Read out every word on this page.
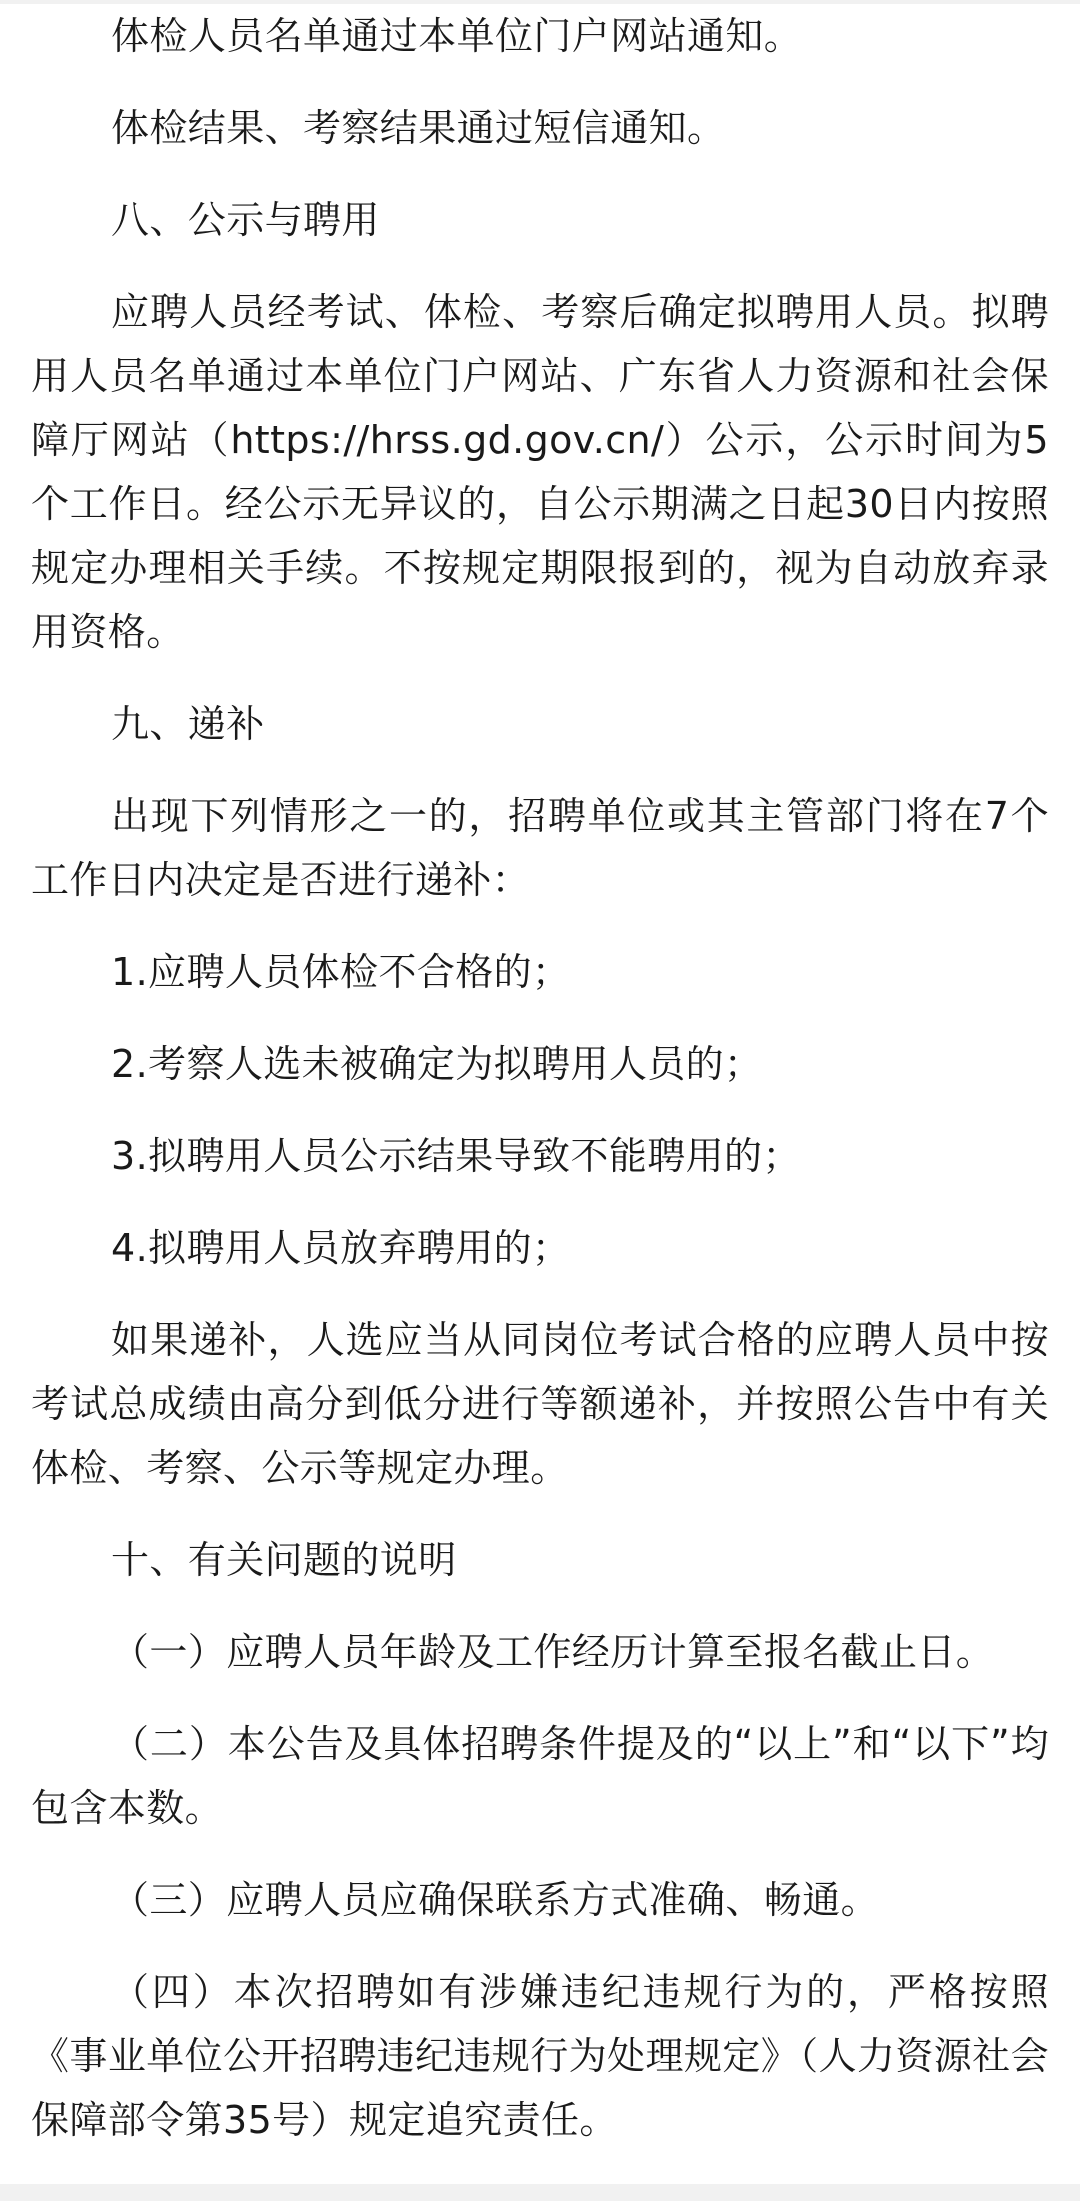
体检人员名单通过本单位门户网站通知。

体检结果、考察结果通过短信通知。

八、公示与聘用

应聘人员经考试、体检、考察后确定拟聘用人员。拟聘用人员名单通过本单位门户网站、广东省人力资源和社会保障厅网站（https://hrss.gd.gov.cn/）公示，公示时间为5个工作日。经公示无异议的，自公示期满之日起30日内按照规定办理相关手续。不按规定期限报到的，视为自动放弃录用资格。

九、递补

出现下列情形之一的，招聘单位或其主管部门将在7个工作日内决定是否进行递补：

1.应聘人员体检不合格的；

2.考察人选未被确定为拟聘用人员的；

3.拟聘用人员公示结果导致不能聘用的；

4.拟聘用人员放弃聘用的；

如果递补，人选应当从同岗位考试合格的应聘人员中按考试总成绩由高分到低分进行等额递补，并按照公告中有关体检、考察、公示等规定办理。

十、有关问题的说明

（一）应聘人员年龄及工作经历计算至报名截止日。

（二）本公告及具体招聘条件提及的“以上”和“以下”均包含本数。

（三）应聘人员应确保联系方式准确、畅通。

（四）本次招聘如有涉嫌违纪违规行为的，严格按照《事业单位公开招聘违纪违规行为处理规定》（人力资源社会保障部令第35号）规定追究责任。
